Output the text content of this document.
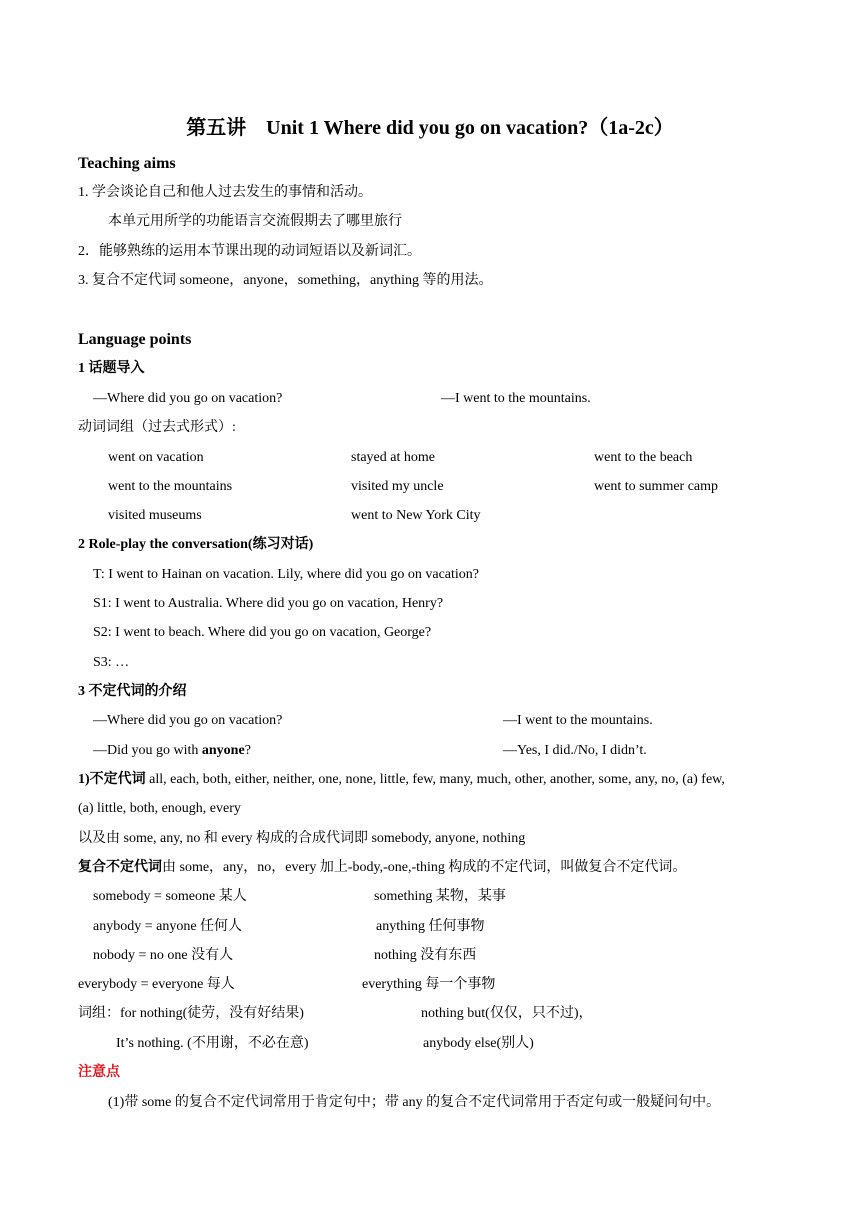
第五讲　Unit 1 Where did you go on vacation?（1a-2c）
Teaching aims
1. 学会谈论自己和他人过去发生的事情和活动。
本单元用所学的功能语言交流假期去了哪里旅行
2．能够熟练的运用本节课出现的动词短语以及新词汇。
3. 复合不定代词 someone，anyone，something，anything 等的用法。
Language points
1 话题导入
—Where did you go on vacation?	—I went to the mountains.
动词词组（过去式形式）:
went on vacation	stayed at home	went to the beach
went to the mountains	visited my uncle	went to summer camp
visited museums	went to New York City
2 Role-play the conversation(练习对话)
T: I went to Hainan on vacation. Lily, where did you go on vacation?
S1: I went to Australia. Where did you go on vacation, Henry?
S2: I went to beach. Where did you go on vacation, George?
S3: …
3 不定代词的介绍
—Where did you go on vacation?	—I went to the mountains.
—Did you go with anyone?	—Yes, I did./No, I didn’t.
1)不定代词 all, each, both, either, neither, one, none, little, few, many, much, other, another, some, any, no, (a) few,
(a) little, both, enough, every
以及由 some, any, no 和 every 构成的合成代词即 somebody, anyone, nothing
复合不定代词由 some，any，no，every 加上-body,-one,-thing 构成的不定代词，叫做复合不定代词。
somebody = someone 某人	something 某物，某事
anybody = anyone 任何人	anything 任何事物
nobody = no one 没有人	nothing 没有东西
everybody = everyone 每人	everything 每一个事物
词组：for nothing(徒劳，没有好结果)	nothing but(仅仅，只不过)，
It’s nothing. (不用谢，不必在意)	anybody else(别人)
注意点
(1)带 some 的复合不定代词常用于肯定句中；带 any 的复合不定代词常用于否定句或一般疑问句中。
